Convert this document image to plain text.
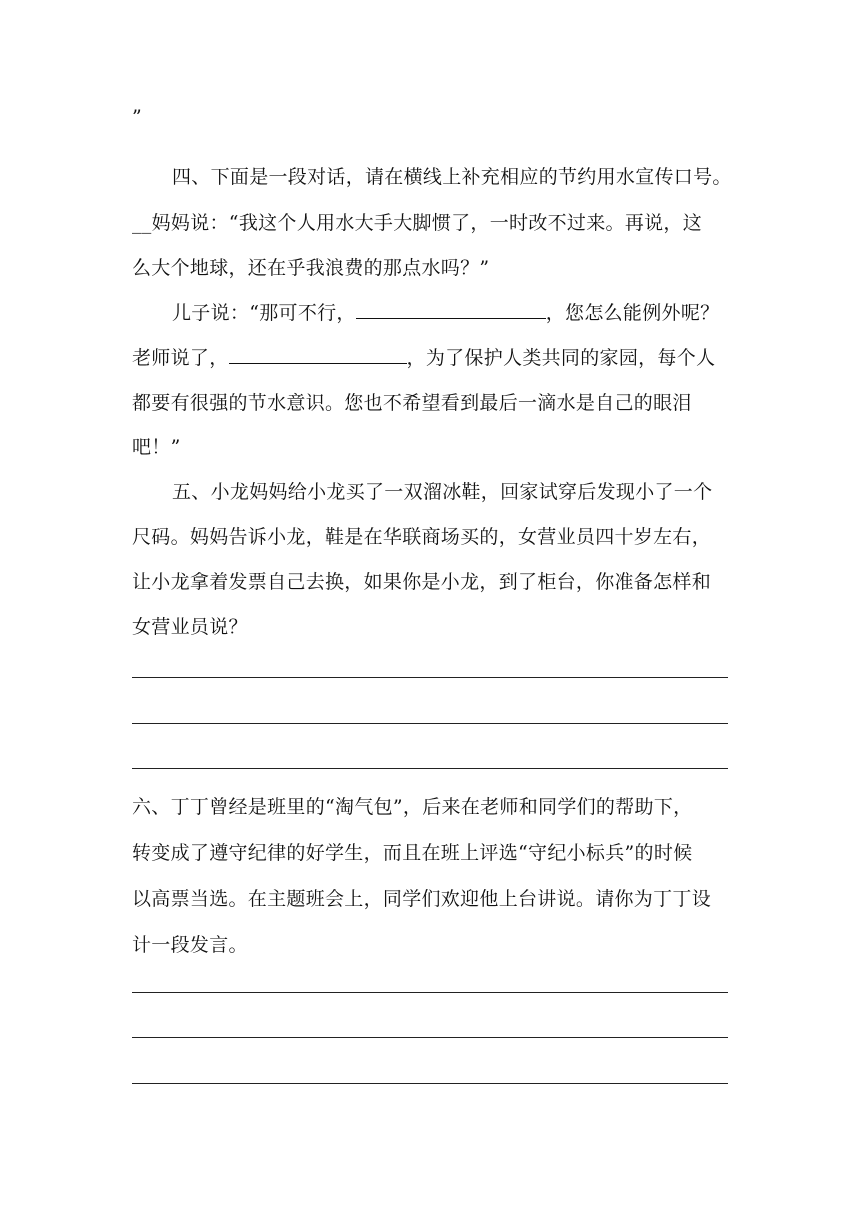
”
四、下面是一段对话，请在横线上补充相应的节约用水宣传口号。
__妈妈说：“我这个人用水大手大脚惯了，一时改不过来。再说，这
么大个地球，还在乎我浪费的那点水吗？”
儿子说：“那可不行，	，您怎么能例外呢？
老师说了，	，为了保护人类共同的家园，每个人
都要有很强的节水意识。您也不希望看到最后一滴水是自己的眼泪
吧！”
五、小龙妈妈给小龙买了一双溜冰鞋，回家试穿后发现小了一个
尺码。妈妈告诉小龙，鞋是在华联商场买的，女营业员四十岁左右，
让小龙拿着发票自己去换，如果你是小龙，到了柜台，你准备怎样和
女营业员说？
六、丁丁曾经是班里的“淘气包”，后来在老师和同学们的帮助下，
转变成了遵守纪律的好学生，而且在班上评选“守纪小标兵”的时候
以高票当选。在主题班会上，同学们欢迎他上台讲说。请你为丁丁设
计一段发言。
